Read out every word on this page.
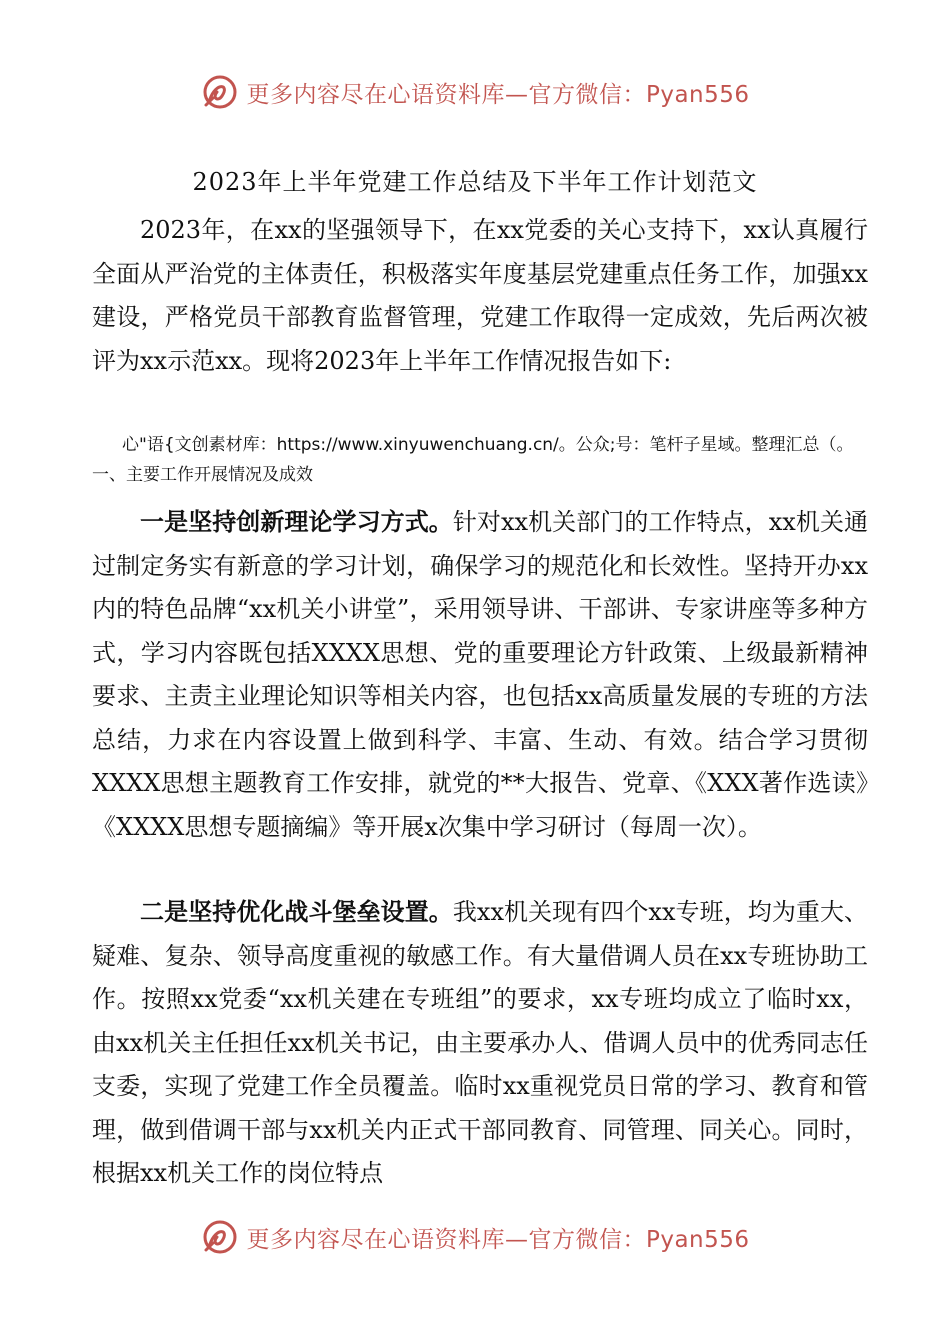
更多内容尽在心语资料库—官方微信：Pyan556
2023年上半年党建工作总结及下半年工作计划范文
2023年，在xx的坚强领导下，在xx党委的关心支持下，xx认真履行全面从严治党的主体责任，积极落实年度基层党建重点任务工作，加强xx建设，严格党员干部教育监督管理，党建工作取得一定成效，先后两次被评为xx示范xx。现将2023年上半年工作情况报告如下:
心"语{文创素材库：https://www.xinyuwenchuang.cn/。公众;号：笔杆子星域。整理汇总（。一、主要工作开展情况及成效
一是坚持创新理论学习方式。针对xx机关部门的工作特点，xx机关通过制定务实有新意的学习计划，确保学习的规范化和长效性。坚持开办xx内的特色品牌“xx机关小讲堂”，采用领导讲、干部讲、专家讲座等多种方式，学习内容既包括XXXX思想、党的重要理论方针政策、上级最新精神要求、主责主业理论知识等相关内容，也包括xx高质量发展的专班的方法总结，力求在内容设置上做到科学、丰富、生动、有效。结合学习贯彻XXXX思想主题教育工作安排，就党的**大报告、党章、《XXX著作选读》《XXXX思想专题摘编》等开展x次集中学习研讨（每周一次）。
二是坚持优化战斗堡垒设置。我xx机关现有四个xx专班，均为重大、疑难、复杂、领导高度重视的敏感工作。有大量借调人员在xx专班协助工作。按照xx党委“xx机关建在专班组”的要求，xx专班均成立了临时xx，由xx机关主任担任xx机关书记，由主要承办人、借调人员中的优秀同志任支委，实现了党建工作全员覆盖。临时xx重视党员日常的学习、教育和管理，做到借调干部与xx机关内正式干部同教育、同管理、同关心。同时，根据xx机关工作的岗位特点
更多内容尽在心语资料库—官方微信：Pyan556
